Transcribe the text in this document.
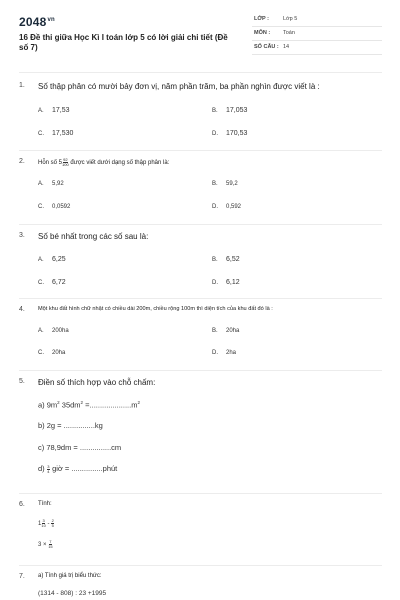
$2048^{vn}$
16 Đề thi giữa Học Kì I toán lớp 5 có lời giải chi tiết (Đề số 7)
LỚP :	Lớp 5
MÔN : Toán
SỐ CÂU : 14
1. Số thập phân có mười bảy đơn vị, năm phần trăm, ba phần nghìn được viết là :
A. 17,53	B. 17,053
C. 17,530	D. 170,53
2. Hỗn số $5 \frac{92}{100}$ được viết dưới dạng số thập phân là:
A. 5,92	B. 59,2
C. 0,0592	D. 0,592
3. Số bé nhất trong các số sau là:
A. 6,25	B. 6,52
C. 6,72	D. 6,12
4. Một khu đất hình chữ nhật có chiều dài 200m, chiều rộng 100m thì diện tích của khu đất đó là :
A. 200ha	B. 20ha
C. 20ha	D. 2ha
5. Điền số thích hợp vào chỗ chấm:
a) $9m^2$ $35dm^2 =....................m^2$
b) 2g = ...............kg
c) 78,9dm = ...............cm
$d) \frac{3}{4}$ giờ = ...............phút
6. Tính:
$1 \frac{3}{10} - \frac{2}{5}$
$3 \times \frac{7}{15}$
7. a) Tính giá trị biểu thức:
(1314 - 808) : 23 +1995
